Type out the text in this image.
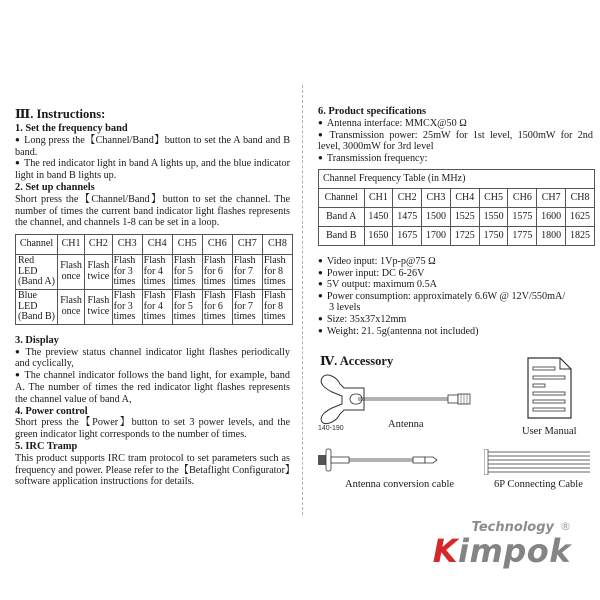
Ⅲ. Instructions:
1. Set the frequency band

● Long press the【Channel/Band】button to set the A band and B band.

● The red indicator light in band A lights up, and the blue indicator light in band B lights up.

2. Set up channels

Short press the【Channel/Band】button to set the channel. The number of times the current band indicator light flashes represents the channel, and channels 1-8 can be set in a loop.

Channel	CH1	CH2	CH3	CH4	CH5	CH6	CH7	CH8
Red LED (Band A)	Flash once	Flash twice	Flash for 3 times	Flash for 4 times	Flash for 5 times	Flash for 6 times	Flash for 7 times	Flash for 8 times
Blue LED (Band B)	Flash once	Flash twice	Flash for 3 times	Flash for 4 times	Flash for 5 times	Flash for 6 times	Flash for 7 times	Flash for 8 times
3. Display

● The preview status channel indicator light flashes periodically and cyclically,

● The channel indicator follows the band light, for example, band A. The number of times the red indicator light flashes represents the channel value of band A,

4. Power control

Short press the【Power】button to set 3 power levels, and the green indicator light corresponds to the number of times.

5. IRC Tramp

This product supports IRC tram protocol to set parameters such as frequency and power. Please refer to the【Betaflight Configurator】software application instructions for details.

6. Product specifications

● Antenna interface: MMCX@50 Ω

● Transmission power: 25mW for 1st level, 1500mW for 2nd level, 3000mW for 3rd level

● Transmission frequency:

Channel Frequency Table (in MHz)								
Channel	CH1	CH2	CH3	CH4	CH5	CH6	CH7	CH8
Band A	1450	1475	1500	1525	1550	1575	1600	1625
Band B	1650	1675	1700	1725	1750	1775	1800	1825

● Video input: 1Vp-p@75 Ω

● Power input: DC 6-26V

● 5V output: maximum 0.5A

● Power consumption: approximately 6.6W @ 12V/550mA/

3 levels

● Size: 35x37x12mm

● Weight: 21. 5g(antenna not included)

Technology ®
Kimpok
Ⅳ. Accessory
140-190	Antenna
User Manual
Antenna conversion cable	6P Connecting Cable
